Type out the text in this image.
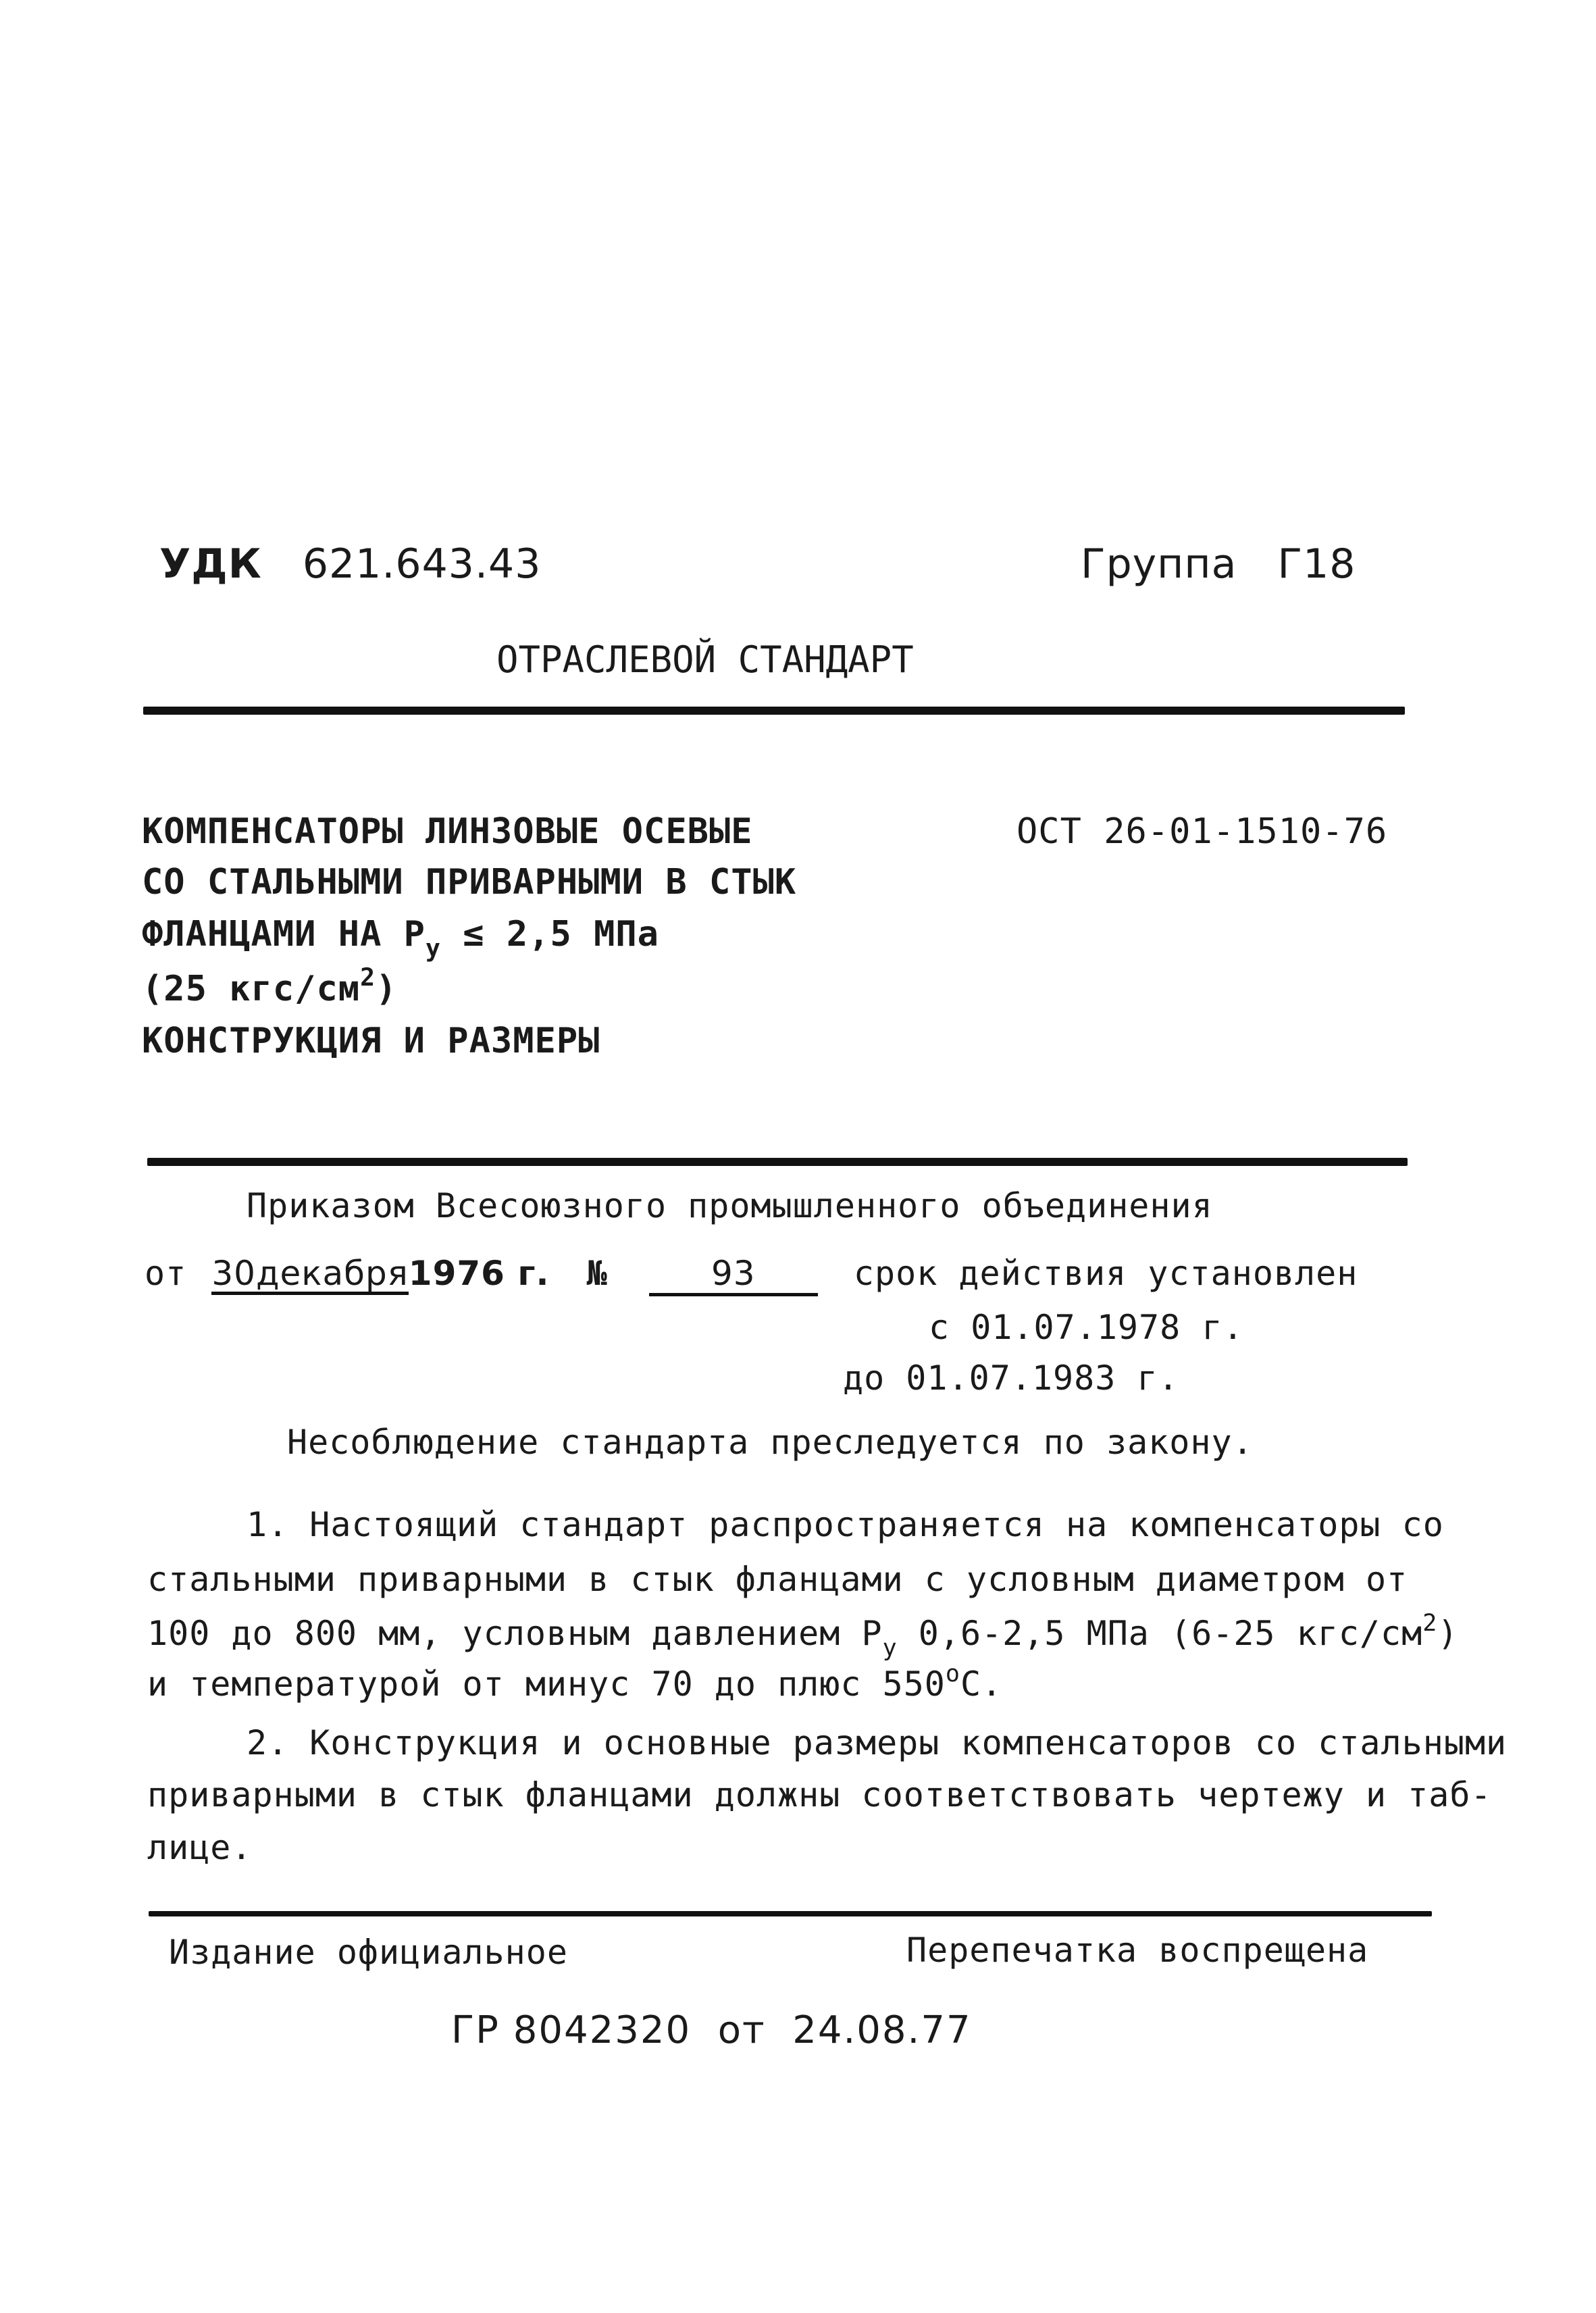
УДК 621.643.43	Группа Г18
ОТРАСЛЕВОЙ СТАНДАРТ
КОМПЕНСАТОРЫ ЛИНЗОВЫЕ ОСЕВЫЕ
СО СТАЛЬНЫМИ ПРИВАРНЫМИ В СТЫК
ФЛАНЦАМИ НА $P_у \le 2,5$ МПа
(25 кгс/$см^2$)
КОНСТРУКЦИЯ И РАЗМЕРЫ
ОСТ 26-01-1510-76
Приказом Всесоюзного промышленного объединения
от 30декабря1976 г. №	93	срок действия установлен
с 01.07.1978 г.
до 01.07.1983 г.
Несоблюдение стандарта преследуется по закону.
1. Настоящий стандарт распространяется на компенсаторы со
стальными приварными в стык фланцами с условным диаметром от
100 до 800 мм, условным давлением $P_у$ 0,6-2,5 МПа (6-25 кгс/$см^2$)
и температурой от минус 70 до плюс $550^оС$.
2. Конструкция и основные размеры компенсаторов со стальными
приварными в стык фланцами должны соответствовать чертежу и таб-
лице.
Издание официальное	Перепечатка воспрещена
ГР 8042320  от  24.08.77
